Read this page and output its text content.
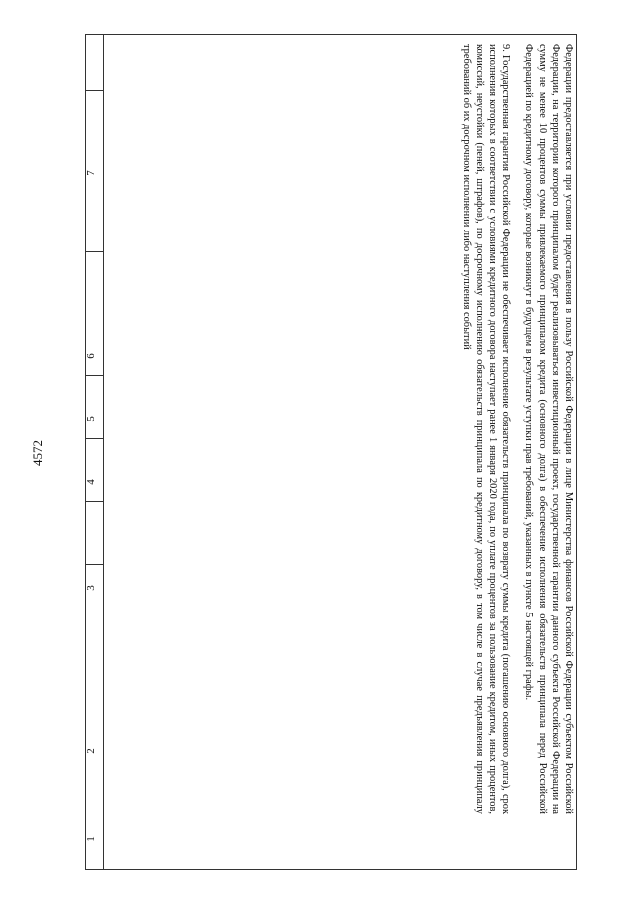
4572
1
2
3
4
5
6
7	Федерации предоставляется при условии предоставления в пользу Российской Федерации в лице Министерства финансов Российской Федерации субъектом Российской Федерации, на территории которого принципалом будет реализовываться инвестиционный проект, государственной гарантии данного субъекта Российской Федерации на сумму не менее 10 процентов суммы привлекаемого принципалом кредита (основного долга) в обеспечение исполнения обязательств принципала перед Российской Федерацией по кредитному договору, которые возникнут в будущем в результате уступки прав требований, указанных в пункте 5 настоящей графы.

9. Государственная гарантия Российской Федерации не обеспечивает исполнение обязательств принципала по возврату суммы кредита (погашению основного долга), срок исполнения которых в соответствии с условиями кредитного договора наступает ранее 1 января 2020 года, по уплате процентов за пользование кредитом, иных процентов, комиссий, неустойки (пеней, штрафов), по досрочному исполнению обязательств принципала по кредитному договору, в том числе в случае предъявления принципалу требований об их досрочном исполнении либо наступления событий
